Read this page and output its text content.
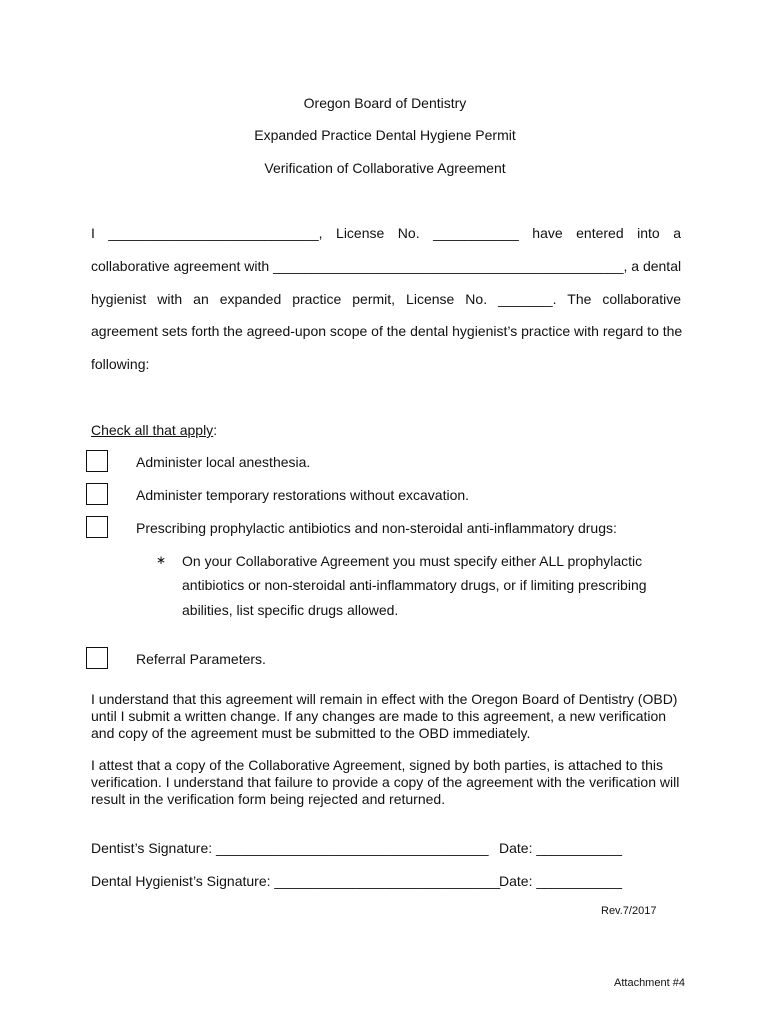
Oregon Board of Dentistry
Expanded Practice Dental Hygiene Permit
Verification of Collaborative Agreement
I ___________________________, License No. ___________ have entered into a
collaborative agreement with _____________________________________________, a dental
hygienist with an expanded practice permit, License No. _______. The collaborative
agreement sets forth the agreed-upon scope of the dental hygienist’s practice with regard to the
following:
Check all that apply:
Administer local anesthesia.
Administer temporary restorations without excavation.
Prescribing prophylactic antibiotics and non-steroidal anti-inflammatory drugs:
∗ On your Collaborative Agreement you must specify either ALL prophylactic
antibiotics or non-steroidal anti-inflammatory drugs, or if limiting prescribing
abilities, list specific drugs allowed.
Referral Parameters.
I understand that this agreement will remain in effect with the Oregon Board of Dentistry (OBD) until I submit a written change. If any changes are made to this agreement, a new verification and copy of the agreement must be submitted to the OBD immediately.
I attest that a copy of the Collaborative Agreement, signed by both parties, is attached to this verification. I understand that failure to provide a copy of the agreement with the verification will result in the verification form being rejected and returned.
Dentist’s Signature: ___________________________________ Date: ___________
Dental Hygienist’s Signature: _____________________________
Date: ___________
Rev.7/2017
Attachment #4
